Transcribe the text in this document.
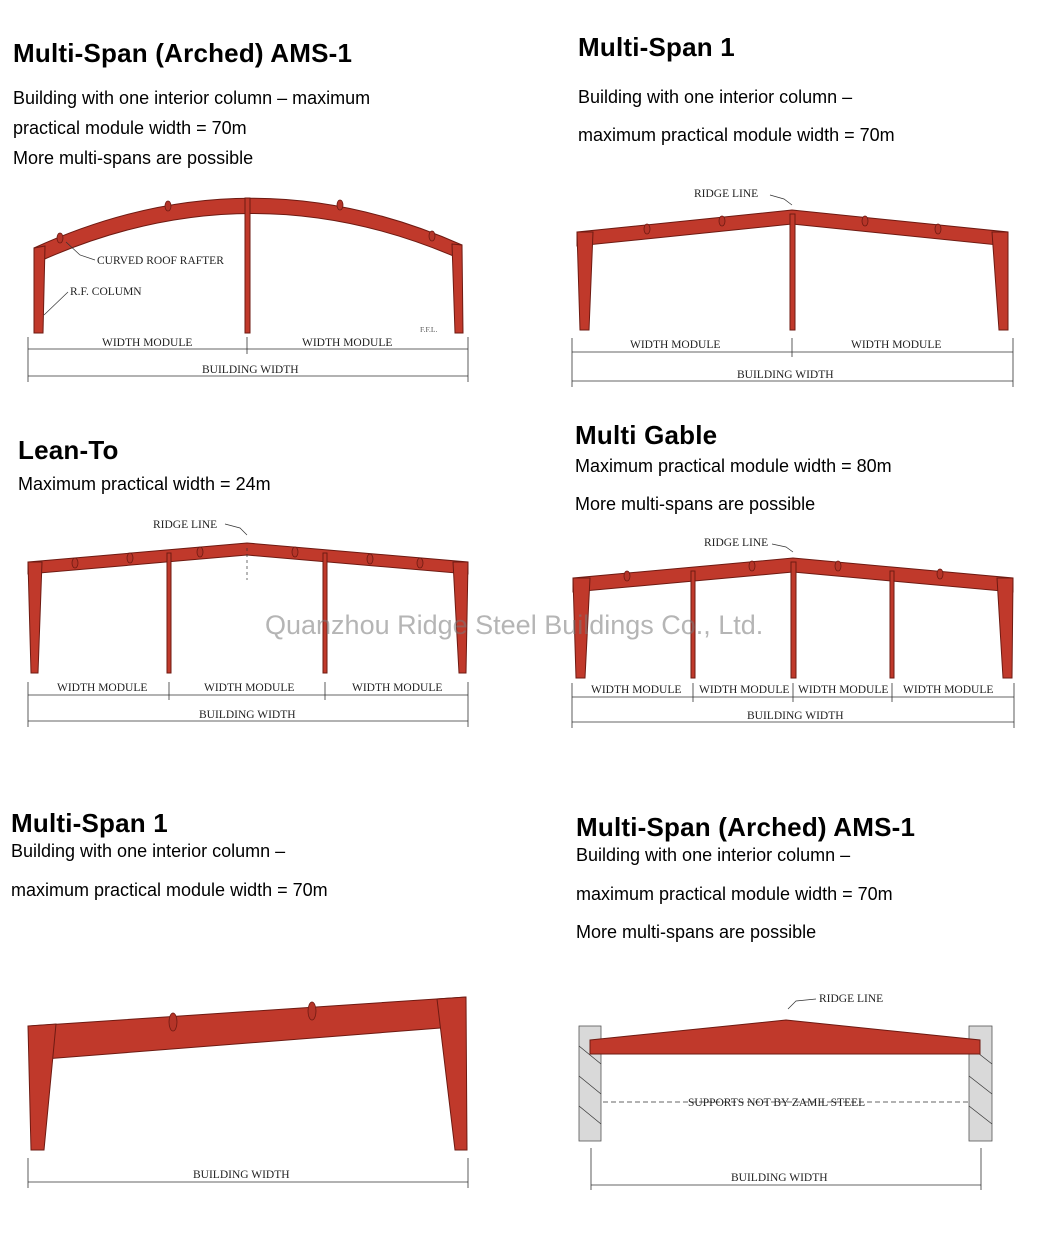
Multi-Span (Arched) AMS-1
Building with one interior column – maximum
practical module width = 70m
More multi-spans are possible
Multi-Span 1
Building with one interior column –
maximum practical module width = 70m
Lean-To
Maximum practical width = 24m
Multi Gable
Maximum practical module width = 80m
More multi-spans are possible
Multi-Span 1
Building with one interior column –
maximum practical module width = 70m
Multi-Span (Arched) AMS-1
Building with one interior column –
maximum practical module width = 70m
More multi-spans are possible
CURVED ROOF RAFTER
R.F. COLUMN
F.F.L.
WIDTH MODULE	WIDTH MODULE
BUILDING WIDTH
RIDGE LINE
WIDTH MODULE	WIDTH MODULE
BUILDING WIDTH
RIDGE LINE
WIDTH MODULE	WIDTH MODULE	WIDTH MODULE
BUILDING WIDTH
RIDGE LINE
WIDTH MODULE WIDTH MODULE WIDTH MODULE WIDTH MODULE
BUILDING WIDTH
BUILDING WIDTH
RIDGE LINE
SUPPORTS NOT BY ZAMIL STEEL
BUILDING WIDTH
Quanzhou Ridge Steel Buildings Co., Ltd.
